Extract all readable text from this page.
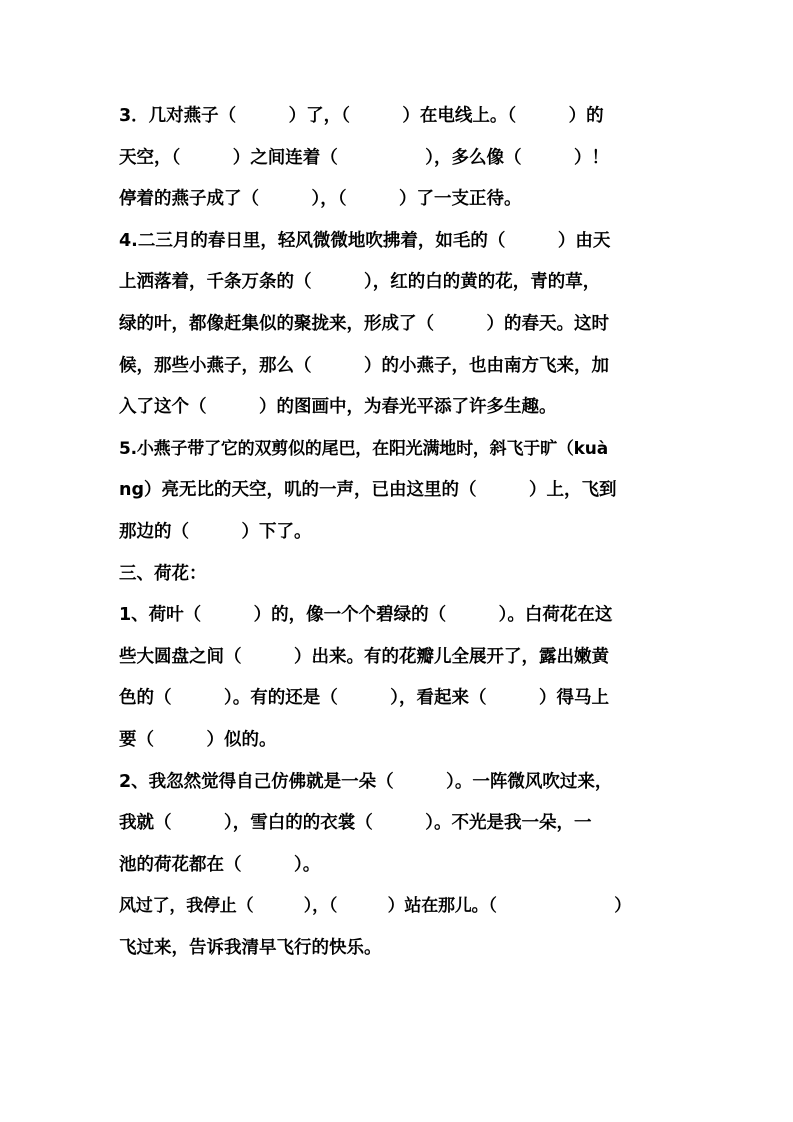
3．几对燕子（　　　）了，（　　　）在电线上。（　　　）的
天空，（　　　）之间连着（　　　　　），多么像（　　　）！
停着的燕子成了（　　　），（　　　）了一支正待。
4.二三月的春日里，轻风微微地吹拂着，如毛的（　　　）由天
上洒落着，千条万条的（　　　），红的白的黄的花，青的草，
绿的叶，都像赶集似的聚拢来，形成了（　　　）的春天。这时
候，那些小燕子，那么（　　　）的小燕子，也由南方飞来，加
入了这个（　　　）的图画中，为春光平添了许多生趣。
5.小燕子带了它的双剪似的尾巴，在阳光满地时，斜飞于旷（kuà
ng）亮无比的天空，叽的一声，已由这里的（　　　）上，飞到
那边的（　　　）下了。
三、荷花：
1、荷叶（　　　）的，像一个个碧绿的（　　　）。白荷花在这
些大圆盘之间（　　　）出来。有的花瓣儿全展开了，露出嫩黄
色的（　　　）。有的还是（　　　），看起来（　　　）得马上
要（　　　）似的。
2、我忽然觉得自己仿佛就是一朵（　　　）。一阵微风吹过来，
我就（　　　），雪白的的衣裳（　　　）。不光是我一朵，一
池的荷花都在（　　　）。
风过了，我停止（　　　），（　　　）站在那儿。（　　　　　　　）
飞过来，告诉我清早飞行的快乐。
